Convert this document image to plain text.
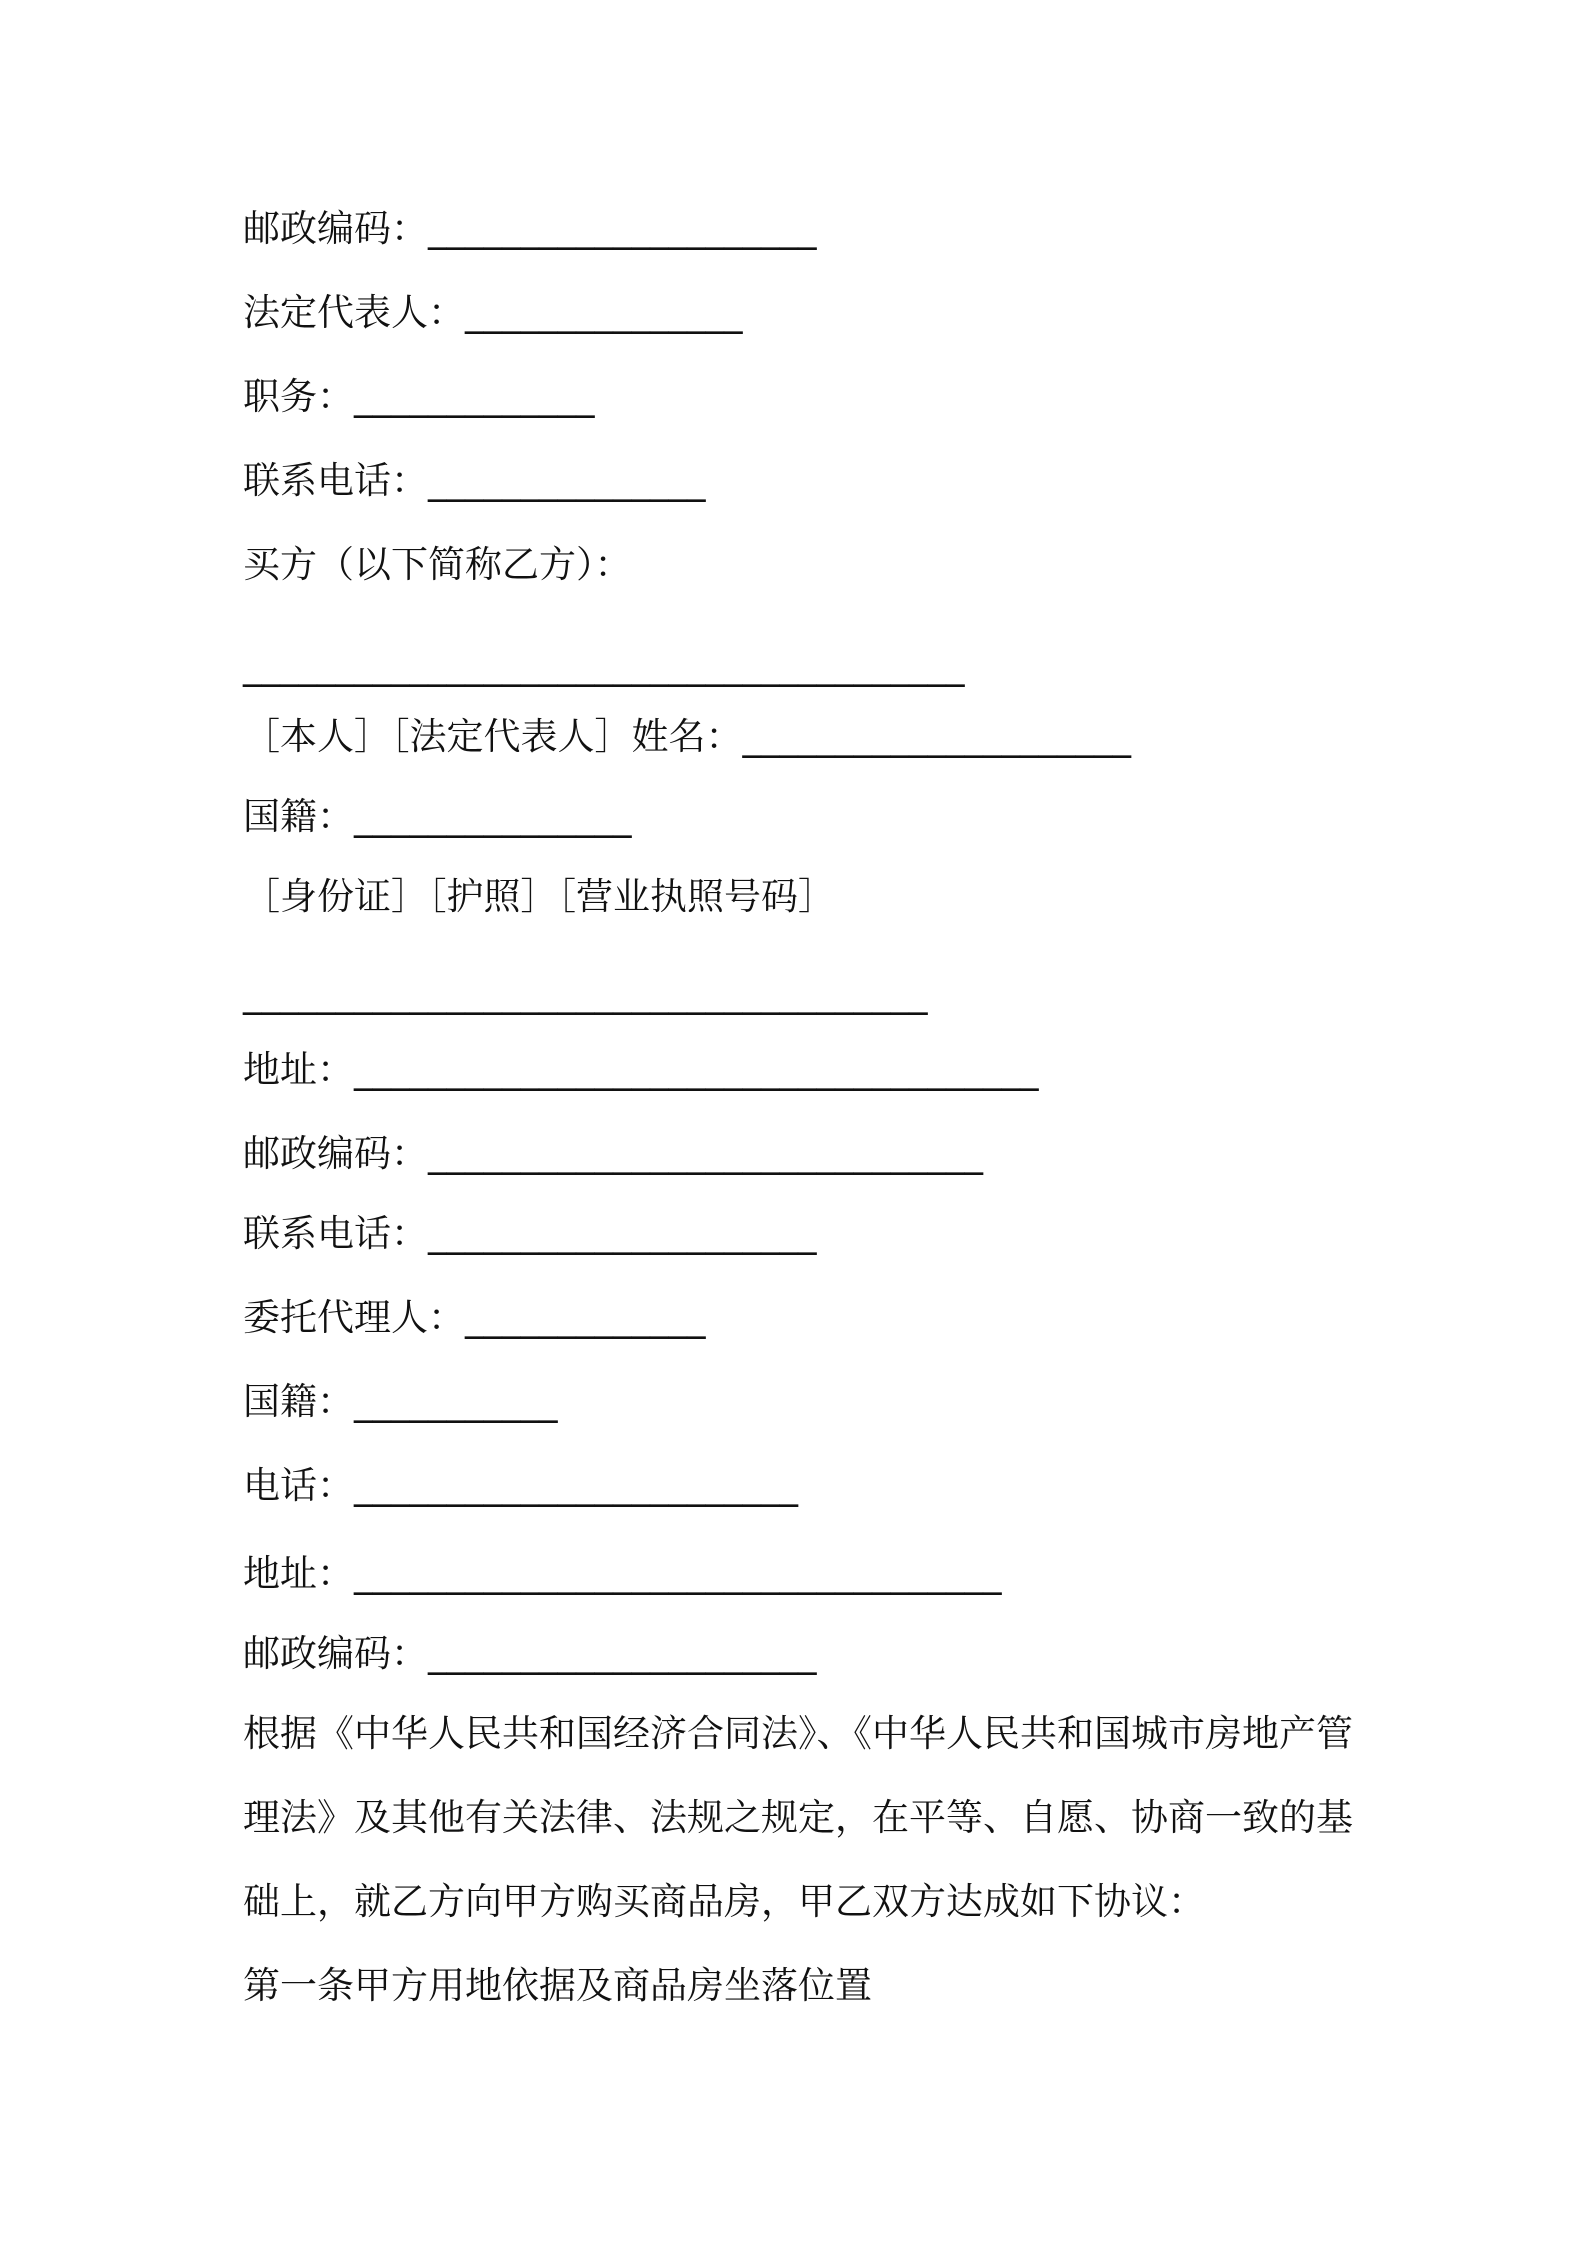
邮政编码：_____________________
法定代表人：_______________
职务：_____________
联系电话：_______________
买方（以下简称乙方）：
_______________________________________
［本人］［法定代表人］姓名：_____________________
国籍：_______________
［身份证］［护照］［营业执照号码］
_____________________________________
地址：_____________________________________
邮政编码：______________________________
联系电话：_____________________
委托代理人：_____________
国籍：___________
电话：________________________
地址：___________________________________
邮政编码：_____________________
根据《中华人民共和国经济合同法》、《中华人民共和国城市房地产管
理法》及其他有关法律、法规之规定，在平等、自愿、协商一致的基
础上，就乙方向甲方购买商品房，甲乙双方达成如下协议：
第一条甲方用地依据及商品房坐落位置
